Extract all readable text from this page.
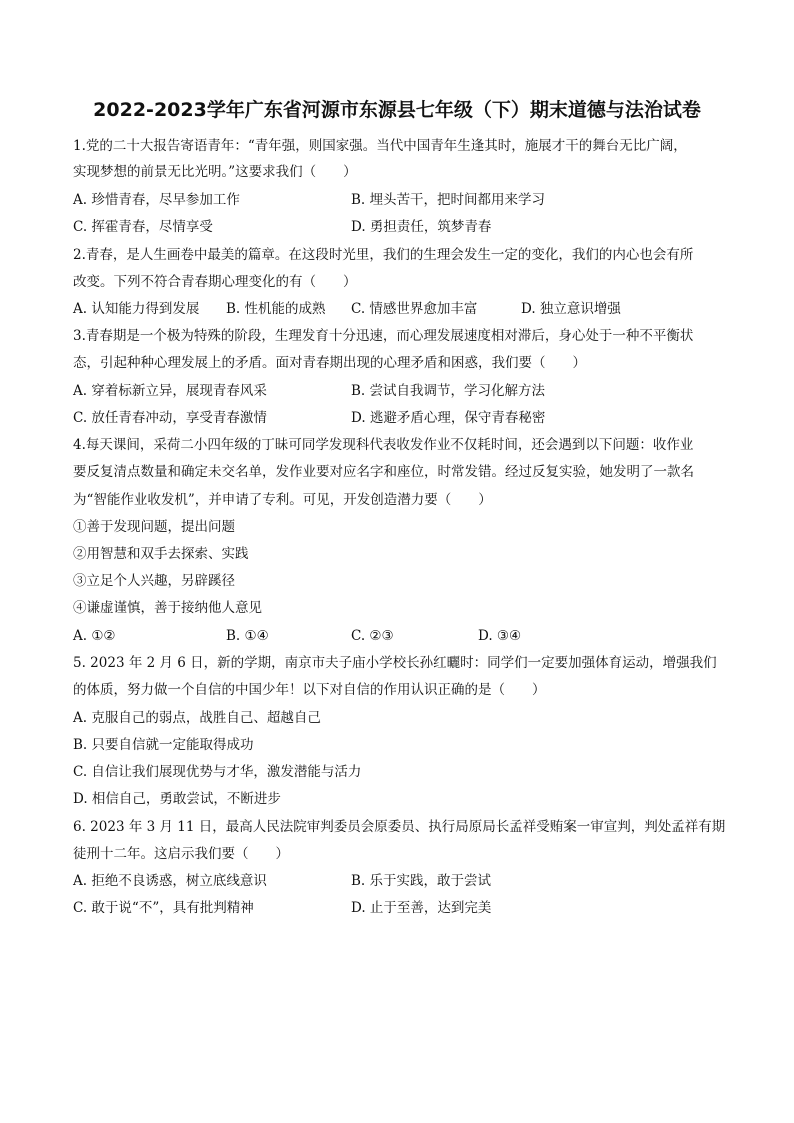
2022-2023学年广东省河源市东源县七年级（下）期末道德与法治试卷
1.党的二十大报告寄语青年：“青年强，则国家强。当代中国青年生逢其时，施展才干的舞台无比广阔，
实现梦想的前景无比光明。”这要求我们（　　）
A. 珍惜青春，尽早参加工作	B. 埋头苦干，把时间都用来学习
C. 挥霍青春，尽情享受	D. 勇担责任，筑梦青春
2.青春，是人生画卷中最美的篇章。在这段时光里，我们的生理会发生一定的变化，我们的内心也会有所
改变。下列不符合青春期心理变化的有（　　）
A. 认知能力得到发展 B. 性机能的成熟 C. 情感世界愈加丰富	D. 独立意识增强
3.青春期是一个极为特殊的阶段，生理发育十分迅速，而心理发展速度相对滞后，身心处于一种不平衡状
态，引起种种心理发展上的矛盾。面对青春期出现的心理矛盾和困惑，我们要（　　）
A. 穿着标新立异，展现青春风采	B. 尝试自我调节，学习化解方法
C. 放任青春冲动，享受青春激情	D. 逃避矛盾心理，保守青春秘密
4.每天课间，采荷二小四年级的丁昧可同学发现科代表收发作业不仅耗时间，还会遇到以下问题：收作业
要反复清点数量和确定未交名单，发作业要对应名字和座位，时常发错。经过反复实验，她发明了一款名
为“智能作业收发机”，并申请了专利。可见，开发创造潜力要（　　）
①善于发现问题，提出问题
②用智慧和双手去探索、实践
③立足个人兴趣，另辟蹊径
④谦虚谨慎，善于接纳他人意见
A. ①②	B. ①④	C. ②③	D. ③④
5. 2023 年 2 月 6 日，新的学期，南京市夫子庙小学校长孙红曬时：同学们一定要加强体育运动，增强我们
的体质，努力做一个自信的中国少年！以下对自信的作用认识正确的是（　　）
A. 克服自己的弱点，战胜自己、超越自己
B. 只要自信就一定能取得成功
C. 自信让我们展现优势与才华，激发潜能与活力
D. 相信自己，勇敢尝试，不断进步
6. 2023 年 3 月 11 日，最高人民法院审判委员会原委员、执行局原局长孟祥受贿案一审宣判，判处孟祥有期
徒刑十二年。这启示我们要（　　）
A. 拒绝不良诱惑，树立底线意识	B. 乐于实践，敢于尝试
C. 敢于说“不”，具有批判精神	D. 止于至善，达到完美
